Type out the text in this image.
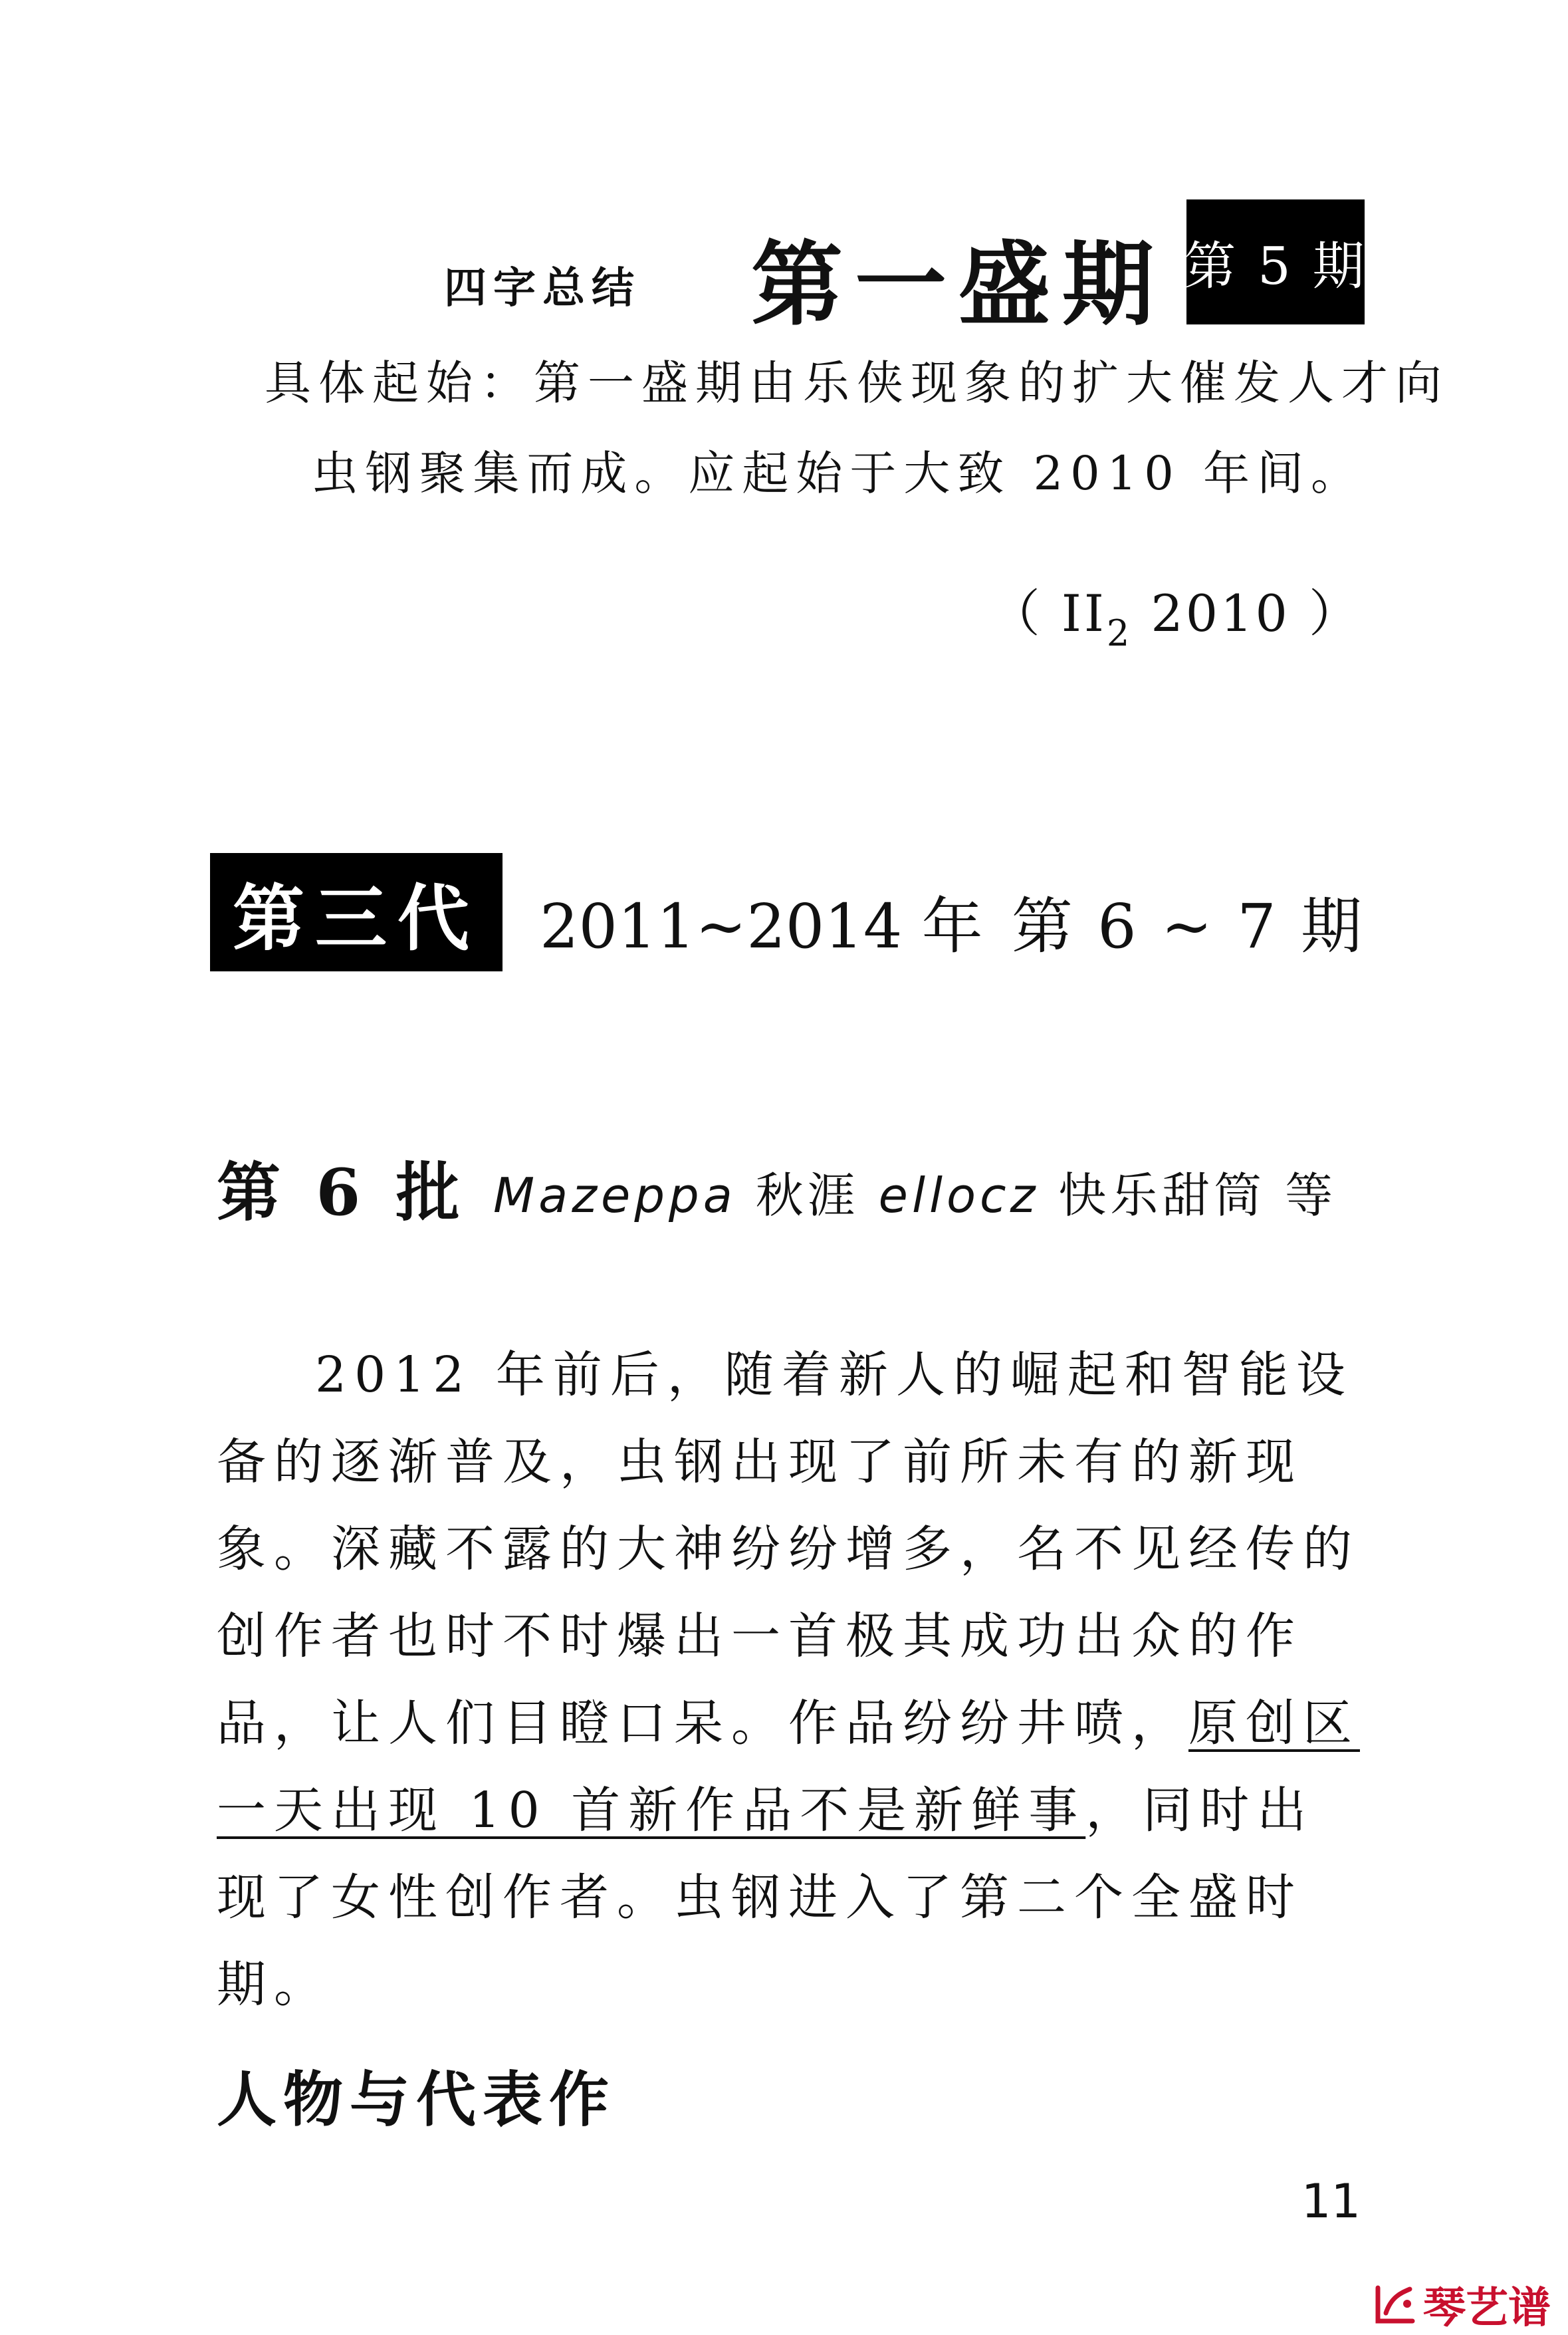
四字总结 第一盛期 第 5 期
具体起始：第一盛期由乐侠现象的扩大催发人才向
虫钢聚集而成。应起始于大致 2010 年间。
（ $II_2$ 2010 ）
第三代 2011~2014 年 第 6 ~ 7 期
第 6 批 Mazeppa 秋涯 ellocz 快乐甜筒 等
2012 年前后，随着新人的崛起和智能设备的逐渐普及，虫钢出现了前所未有的新现象。深藏不露的大神纷纷增多，名不见经传的创作者也时不时爆出一首极其成功出众的作品，让人们目瞪口呆。作品纷纷井喷，原创区一天出现 10 首新作品不是新鲜事，同时出现了女性创作者。虫钢进入了第二个全盛时期。
人物与代表作
11
琴艺谱
